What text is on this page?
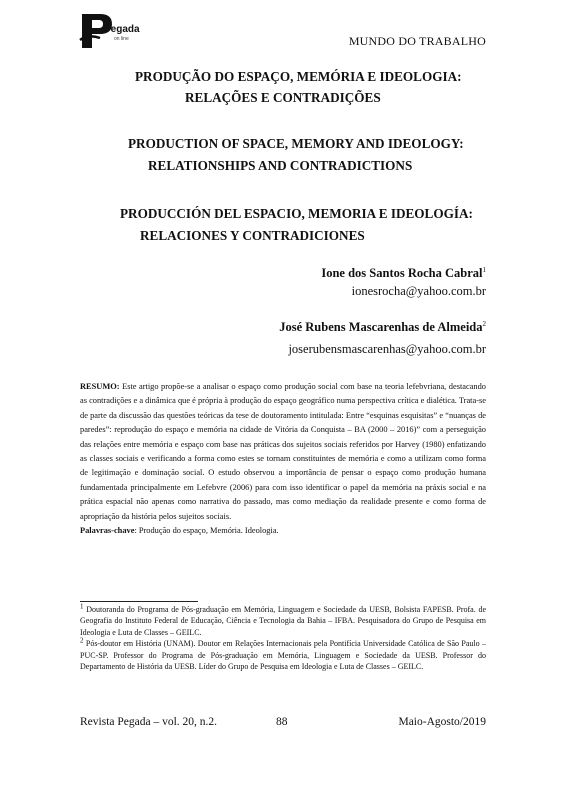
Pegada
on line	MUNDO DO TRABALHO
PRODUÇÃO DO ESPAÇO, MEMÓRIA E IDEOLOGIA:
RELAÇÕES E CONTRADIÇÕES
PRODUCTION OF SPACE, MEMORY AND IDEOLOGY:
RELATIONSHIPS AND CONTRADICTIONS
PRODUCCIÓN DEL ESPACIO, MEMORIA E IDEOLOGÍA:
RELACIONES Y CONTRADICIONES
Ione dos Santos Rocha Cabral$^1$
ionesrocha@yahoo.com.br
José Rubens Mascarenhas de Almeida$^2$
joserubensmascarenhas@yahoo.com.br
RESUMO: Este artigo propõe-se a analisar o espaço como produção social com base na teoria lefebvriana, destacando as contradições e a dinâmica que é própria à produção do espaço geográfico numa perspectiva crítica e dialética. Trata-se de parte da discussão das questões teóricas da tese de doutoramento intitulada: Entre “esquinas esquisitas” e “nuanças de paredes”: reprodução do espaço e memória na cidade de Vitória da Conquista – BA (2000 – 2016)” com a perseguição das relações entre memória e espaço com base nas práticas dos sujeitos sociais referidos por Harvey (1980) enfatizando as classes sociais e verificando a forma como estes se tornam constituintes de memória e como a utilizam como forma de legitimação e dominação social. O estudo observou a importância de pensar o espaço como produção humana fundamentada principalmente em Lefebvre (2006) para com isso identificar o papel da memória na práxis social e na prática espacial não apenas como narrativa do passado, mas como mediação da realidade presente e como forma de apropriação da história pelos sujeitos sociais.
Palavras-chave: Produção do espaço, Memória. Ideologia.
$^1$ Doutoranda do Programa de Pós-graduação em Memória, Linguagem e Sociedade da UESB, Bolsista FAPESB. Profa. de Geografia do Instituto Federal de Educação, Ciência e Tecnologia da Bahia – IFBA. Pesquisadora do Grupo de Pesquisa em Ideologia e Luta de Classes – GEILC.
$^2$ Pós-doutor em História (UNAM). Doutor em Relações Internacionais pela Pontifícia Universidade Católica de São Paulo – PUC-SP. Professor do Programa de Pós-graduação em Memória, Linguagem e Sociedade da UESB. Professor do Departamento de História da UESB. Líder do Grupo de Pesquisa em Ideologia e Luta de Classes – GEILC.
Revista Pegada – vol. 20, n.2.	88	Maio-Agosto/2019
